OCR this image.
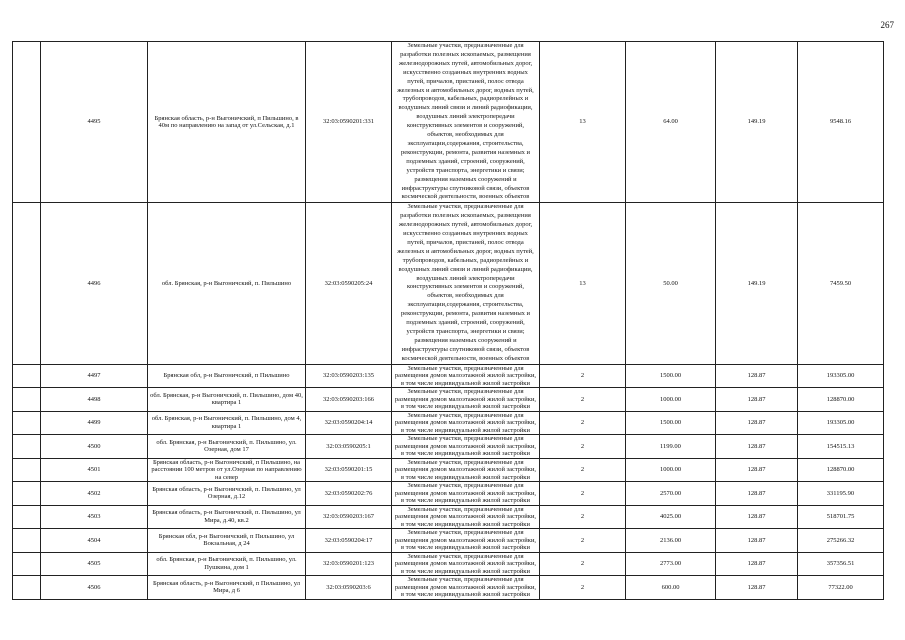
267
	4495	Брянская область, р-н Выгоничский, п Пильшино, в 40м по направлению на запад от ул.Сельская, д.1	32:03:0590201:331	Земельные участки, предназначенные для разработки полезных ископаемых, размещения железнодорожных путей, автомобильных дорог, искусственно созданных внутренних водных путей, причалов, пристаней, полос отвода железных и автомобильных дорог, водных путей, трубопроводов, кабельных, радиорелейных и воздушных линий связи и линий радиофикации, воздушных линий электропередачи конструктивных элементов и сооружений, объектов, необходимых для эксплуатации,содержания, строительства, реконструкции, ремонта, развития наземных и подземных зданий, строений, сооружений, устройств транспорта, энергетики и связи; размещения наземных сооружений и инфраструктуры спутниковой связи, объектов космической деятельности, военных объектов	13	64.00	149.19	9548.16
	4496	обл. Брянская, р-н Выгоничский, п. Пильшино	32:03:0590205:24	Земельные участки, предназначенные для разработки полезных ископаемых, размещения железнодорожных путей, автомобильных дорог, искусственно созданных внутренних водных путей, причалов, пристаней, полос отвода железных и автомобильных дорог, водных путей, трубопроводов, кабельных, радиорелейных и воздушных линий связи и линий радиофикации, воздушных линий электропередачи конструктивных элементов и сооружений, объектов, необходимых для эксплуатации,содержания, строительства, реконструкции, ремонта, развития наземных и подземных зданий, строений, сооружений, устройств транспорта, энергетики и связи; размещения наземных сооружений и инфраструктуры спутниковой связи, объектов космической деятельности, военных объектов	13	50.00	149.19	7459.50
	4497	Брянская обл, р-н Выгоничский, п Пильшино	32:03:0590203:135	Земельные участки, предназначенные для размещения домов малоэтажной жилой застройки, в том числе индивидуальной жилой застройки	2	1500.00	128.87	193305.00
	4498	обл. Брянская, р-н Выгоничский, п. Пильшино, дом 40, квартира 1	32:03:0590203:166	Земельные участки, предназначенные для размещения домов малоэтажной жилой застройки, в том числе индивидуальной жилой застройки	2	1000.00	128.87	128870.00
	4499	обл. Брянская, р-н Выгоничский, п. Пильшино, дом 4, квартира 1	32:03:0590204:14	Земельные участки, предназначенные для размещения домов малоэтажной жилой застройки, в том числе индивидуальной жилой застройки	2	1500.00	128.87	193305.00
	4500	обл. Брянская, р-н Выгоничский, п. Пильшино, ул. Озерная, дом 17	32:03:0590205:1	Земельные участки, предназначенные для размещения домов малоэтажной жилой застройки, в том числе индивидуальной жилой застройки	2	1199.00	128.87	154515.13
	4501	Брянская область, р-н Выгоничский, п Пильшино, на расстоянии 100 метров от ул.Озерная по направлению на север	32:03:0590201:15	Земельные участки, предназначенные для размещения домов малоэтажной жилой застройки, в том числе индивидуальной жилой застройки	2	1000.00	128.87	128870.00
	4502	Брянская область, р-н Выгоничский, п. Пильшино, ул Озерная, д.12	32:03:0590202:76	Земельные участки, предназначенные для размещения домов малоэтажной жилой застройки, в том числе индивидуальной жилой застройки	2	2570.00	128.87	331195.90
	4503	Брянская область, р-н Выгоничский, п. Пильшино, ул Мира, д.40, кв.2	32:03:0590203:167	Земельные участки, предназначенные для размещения домов малоэтажной жилой застройки, в том числе индивидуальной жилой застройки	2	4025.00	128.87	518701.75
	4504	Брянская обл, р-н Выгоничский, п Пильшино, ул Вокзальная, д 24	32:03:0590204:17	Земельные участки, предназначенные для размещения домов малоэтажной жилой застройки, в том числе индивидуальной жилой застройки	2	2136.00	128.87	275266.32
	4505	обл. Брянская, р-н Выгоничский, п. Пильшино, ул. Пушкина, дом 1	32:03:0590201:123	Земельные участки, предназначенные для размещения домов малоэтажной жилой застройки, в том числе индивидуальной жилой застройки	2	2773.00	128.87	357356.51
	4506	Брянская область, р-н Выгоничский, п Пильшино, ул Мира, д 6	32:03:0590203:6	Земельные участки, предназначенные для размещения домов малоэтажной жилой застройки, в том числе индивидуальной жилой застройки	2	600.00	128.87	77322.00
